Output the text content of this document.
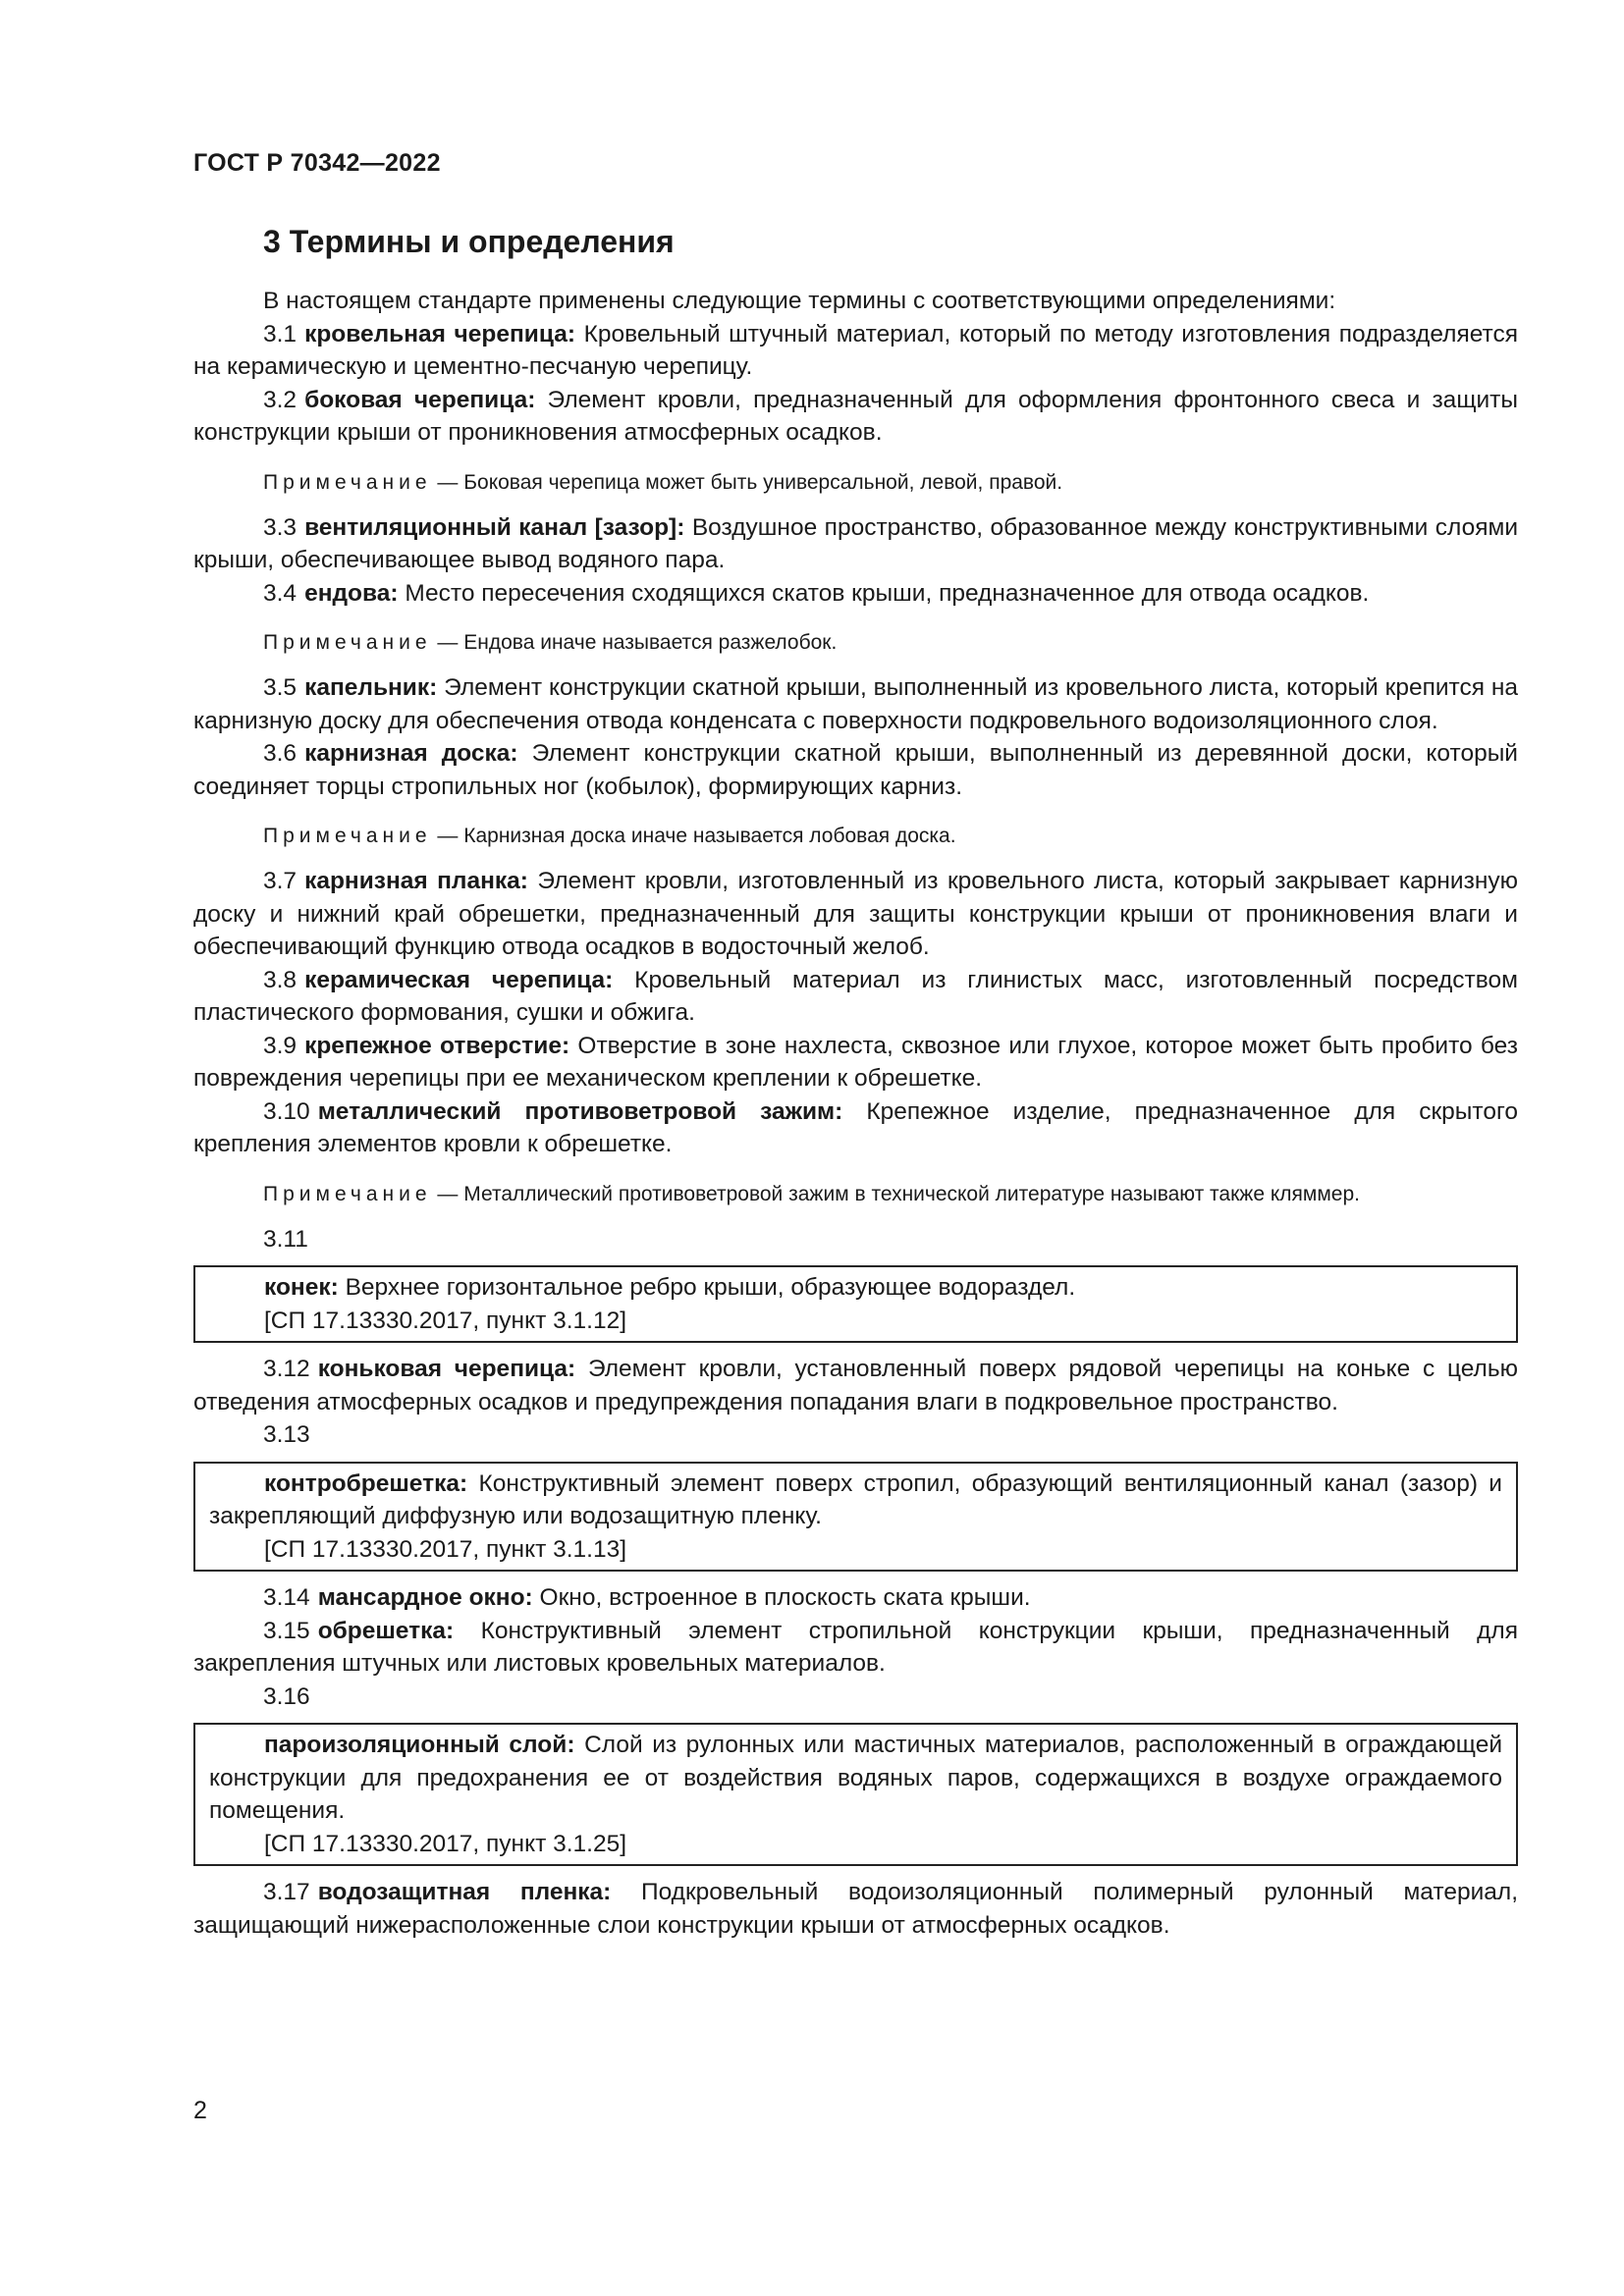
ГОСТ Р 70342—2022
3 Термины и определения

В настоящем стандарте применены следующие термины с соответствующими определениями:

3.1 кровельная черепица: Кровельный штучный материал, который по методу изготовления подразделяется на керамическую и цементно-песчаную черепицу.

3.2 боковая черепица: Элемент кровли, предназначенный для оформления фронтонного свеса и защиты конструкции крыши от проникновения атмосферных осадков.

Примечание — Боковая черепица может быть универсальной, левой, правой.

3.3 вентиляционный канал [зазор]: Воздушное пространство, образованное между конструктивными слоями крыши, обеспечивающее вывод водяного пара.

3.4 ендова: Место пересечения сходящихся скатов крыши, предназначенное для отвода осадков.

Примечание — Ендова иначе называется разжелобок.

3.5 капельник: Элемент конструкции скатной крыши, выполненный из кровельного листа, который крепится на карнизную доску для обеспечения отвода конденсата с поверхности подкровельного водоизоляционного слоя.

3.6 карнизная доска: Элемент конструкции скатной крыши, выполненный из деревянной доски, который соединяет торцы стропильных ног (кобылок), формирующих карниз.

Примечание — Карнизная доска иначе называется лобовая доска.

3.7 карнизная планка: Элемент кровли, изготовленный из кровельного листа, который закрывает карнизную доску и нижний край обрешетки, предназначенный для защиты конструкции крыши от проникновения влаги и обеспечивающий функцию отвода осадков в водосточный желоб.

3.8 керамическая черепица: Кровельный материал из глинистых масс, изготовленный посредством пластического формования, сушки и обжига.

3.9 крепежное отверстие: Отверстие в зоне нахлеста, сквозное или глухое, которое может быть пробито без повреждения черепицы при ее механическом креплении к обрешетке.

3.10 металлический противоветровой зажим: Крепежное изделие, предназначенное для скрытого крепления элементов кровли к обрешетке.

Примечание — Металлический противоветровой зажим в технической литературе называют также кляммер.

3.11

конек: Верхнее горизонтальное ребро крыши, образующее водораздел.

[СП 17.13330.2017, пункт 3.1.12]

3.12 коньковая черепица: Элемент кровли, установленный поверх рядовой черепицы на коньке с целью отведения атмосферных осадков и предупреждения попадания влаги в подкровельное пространство.

3.13

контробрешетка: Конструктивный элемент поверх стропил, образующий вентиляционный канал (зазор) и закрепляющий диффузную или водозащитную пленку.

[СП 17.13330.2017, пункт 3.1.13]

3.14 мансардное окно: Окно, встроенное в плоскость ската крыши.

3.15 обрешетка: Конструктивный элемент стропильной конструкции крыши, предназначенный для закрепления штучных или листовых кровельных материалов.

3.16

пароизоляционный слой: Слой из рулонных или мастичных материалов, расположенный в ограждающей конструкции для предохранения ее от воздействия водяных паров, содержащихся в воздухе ограждаемого помещения.

[СП 17.13330.2017, пункт 3.1.25]

3.17 водозащитная пленка: Подкровельный водоизоляционный полимерный рулонный материал, защищающий нижерасположенные слои конструкции крыши от атмосферных осадков.

2
